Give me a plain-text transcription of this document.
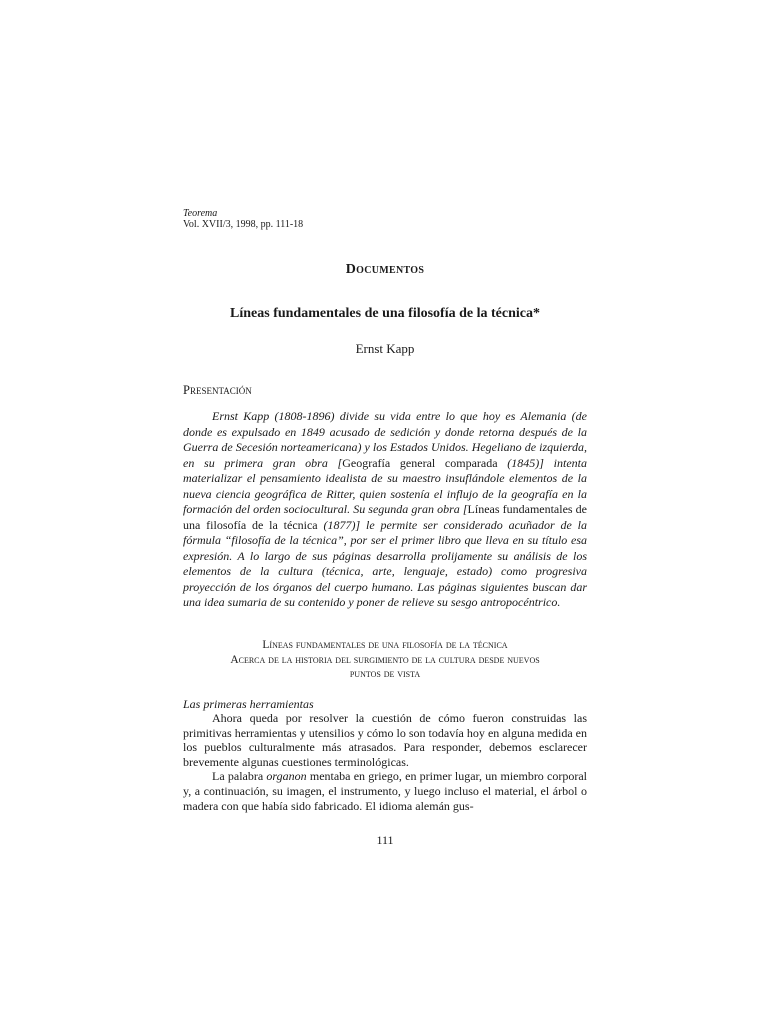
Teorema
Vol. XVII/3, 1998, pp. 111-18
Documentos
Líneas fundamentales de una filosofía de la técnica*
Ernst Kapp
Presentación

Ernst Kapp (1808-1896) divide su vida entre lo que hoy es Alemania (de donde es expulsado en 1849 acusado de sedición y donde retorna después de la Guerra de Secesión norteamericana) y los Estados Unidos. Hegeliano de izquierda, en su primera gran obra [Geografía general comparada (1845)] intenta materializar el pensamiento idealista de su maestro insuflándole elementos de la nueva ciencia geográfica de Ritter, quien sostenía el influjo de la geografía en la formación del orden sociocultural. Su segunda gran obra [Líneas fundamentales de una filosofía de la técnica (1877)] le permite ser considerado acuñador de la fórmula “filosofía de la técnica”, por ser el primer libro que lleva en su título esa expresión. A lo largo de sus páginas desarrolla prolijamente su análisis de los elementos de la cultura (técnica, arte, lenguaje, estado) como progresiva proyección de los órganos del cuerpo humano. Las páginas siguientes buscan dar una idea sumaria de su contenido y poner de relieve su sesgo antropocéntrico.

Líneas fundamentales de una filosofía de la técnica
Acerca de la historia del surgimiento de la cultura desde nuevos
puntos de vista
Las primeras herramientas

Ahora queda por resolver la cuestión de cómo fueron construidas las primitivas herramientas y utensilios y cómo lo son todavía hoy en alguna medida en los pueblos culturalmente más atrasados. Para responder, debemos esclarecer brevemente algunas cuestiones terminológicas.

La palabra organon mentaba en griego, en primer lugar, un miembro corporal y, a continuación, su imagen, el instrumento, y luego incluso el material, el árbol o madera con que había sido fabricado. El idioma alemán gus-

111
